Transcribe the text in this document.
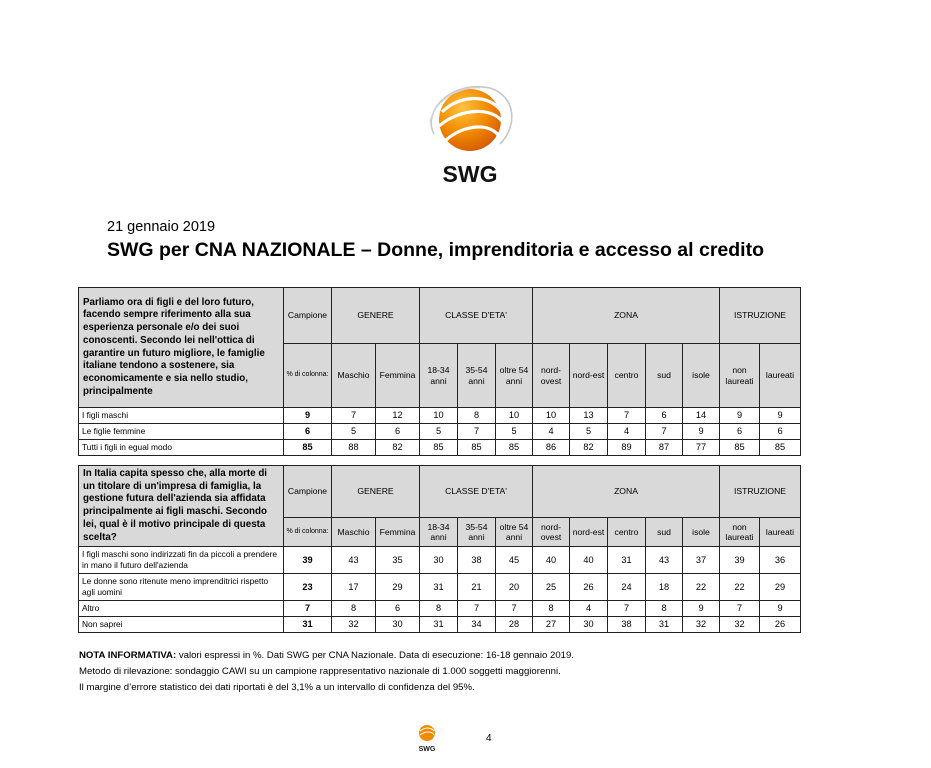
SWG
21 gennaio 2019
SWG per CNA NAZIONALE – Donne, imprenditoria e accesso al credito
Parliamo ora di figli e del loro futuro, facendo sempre riferimento alla sua esperienza personale e/o dei suoi conoscenti. Secondo lei nell'ottica di garantire un futuro migliore, le famiglie italiane tendono a sostenere, sia economicamente e sia nello studio, principalmente	Campione	GENERE		CLASSE D'ETA'			ZONA					ISTRUZIONE	
	% di colonna:	Maschio	Femmina	18-34 anni	35-54 anni	oltre 54 anni	nord-ovest	nord-est	centro	sud	isole	non laureati	laureati
I figli maschi	9	7	12	10	8	10	10	13	7	6	14	9	9
Le figlie femmine	6	5	6	5	7	5	4	5	4	7	9	6	6
Tutti i figli in egual modo	85	88	82	85	85	85	86	82	89	87	77	85	85
In Italia capita spesso che, alla morte di un titolare di un'impresa di famiglia, la gestione futura dell'azienda sia affidata principalmente ai figli maschi. Secondo lei, qual è il motivo principale di questa scelta?	Campione	GENERE		CLASSE D'ETA'			ZONA					ISTRUZIONE	
	% di colonna:	Maschio	Femmina	18-34 anni	35-54 anni	oltre 54 anni	nord-ovest	nord-est	centro	sud	isole	non laureati	laureati
I figli maschi sono indirizzati fin da piccoli a prendere in mano il futuro dell'azienda	39	43	35	30	38	45	40	40	31	43	37	39	36
Le donne sono ritenute meno imprenditrici rispetto agli uomini	23	17	29	31	21	20	25	26	24	18	22	22	29
Altro	7	8	6	8	7	7	8	4	7	8	9	7	9
Non saprei	31	32	30	31	34	28	27	30	38	31	32	32	26
NOTA INFORMATIVA: valori espressi in %. Dati SWG per CNA Nazionale. Data di esecuzione: 16-18 gennaio 2019.
Metodo di rilevazione: sondaggio CAWI su un campione rappresentativo nazionale di 1.000 soggetti maggiorenni.
Il margine d’errore statistico dei dati riportati è del 3,1% a un intervallo di confidenza del 95%.
SWG
4
